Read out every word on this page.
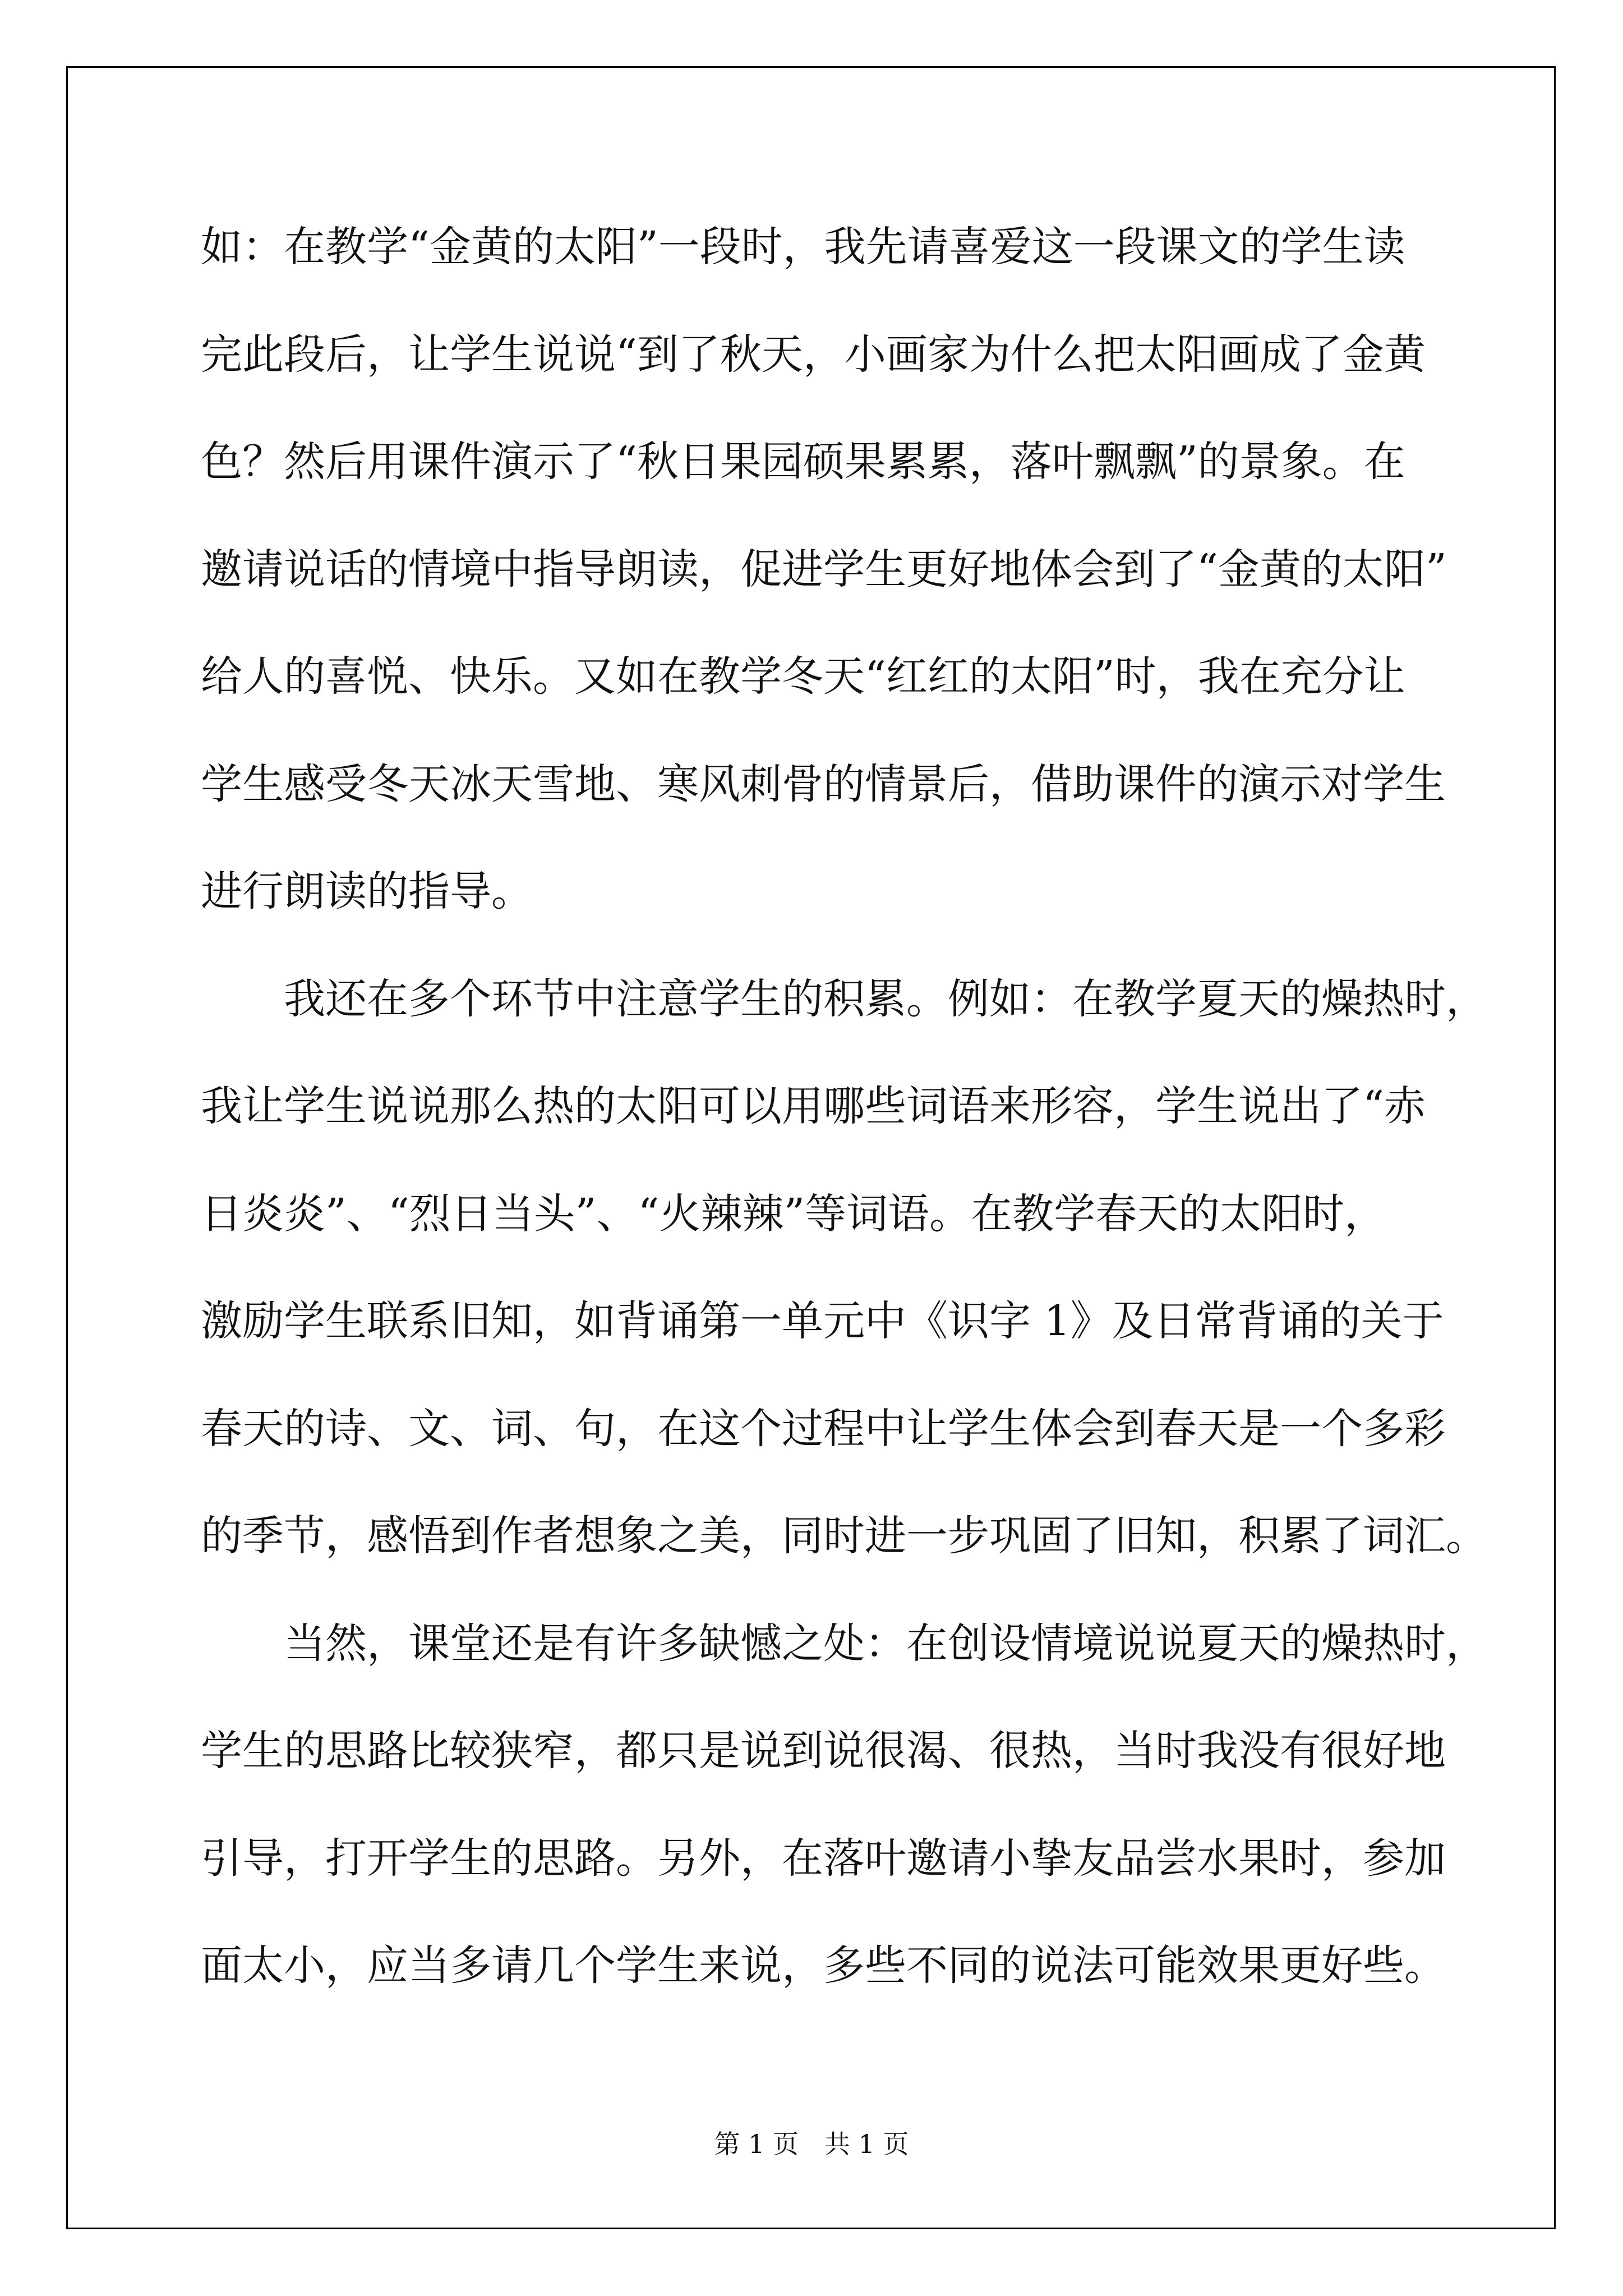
如：在教学“金黄的太阳”一段时，我先请喜爱这一段课文的学生读
完此段后，让学生说说“到了秋天，小画家为什么把太阳画成了金黄
色？然后用课件演示了“秋日果园硕果累累，落叶飘飘”的景象。在
邀请说话的情境中指导朗读，促进学生更好地体会到了“金黄的太阳”
给人的喜悦、快乐。又如在教学冬天“红红的太阳”时，我在充分让
学生感受冬天冰天雪地、寒风刺骨的情景后，借助课件的演示对学生
进行朗读的指导。
我还在多个环节中注意学生的积累。例如：在教学夏天的燥热时，
我让学生说说那么热的太阳可以用哪些词语来形容，学生说出了“赤
日炎炎”、“烈日当头”、“火辣辣”等词语。在教学春天的太阳时，
激励学生联系旧知，如背诵第一单元中《识字 1》及日常背诵的关于
春天的诗、文、词、句，在这个过程中让学生体会到春天是一个多彩
的季节，感悟到作者想象之美，同时进一步巩固了旧知，积累了词汇。
当然，课堂还是有许多缺憾之处：在创设情境说说夏天的燥热时，
学生的思路比较狭窄，都只是说到说很渴、很热，当时我没有很好地
引导，打开学生的思路。另外，在落叶邀请小挚友品尝水果时，参加
面太小，应当多请几个学生来说，多些不同的说法可能效果更好些。
第 1 页　共 1 页
